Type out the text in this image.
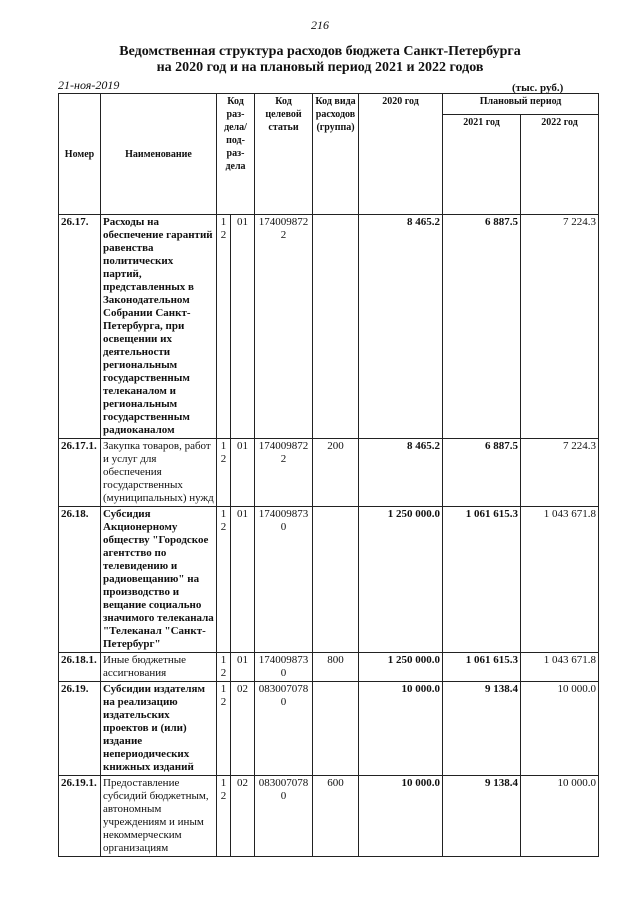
216
Ведомственная структура расходов бюджета Санкт-Петербурга
на 2020 год и на плановый период 2021 и 2022 годов
21-ноя-2019	(тыс. руб.)
Номер	Наименование	Код раз- дела/ под- раз- дела		Код целевой статьи	Код вида расходов (группа)	2020 год	Плановый период	
							2021 год	2022 год
26.17.	Расходы на обеспечение гарантий равенства политических партий, представленных в Законодательном Собрании Санкт-Петербурга, при освещении их деятельности региональным государственным телеканалом и региональным государственным радиоканалом	12	01	1740098722		8 465.2	6 887.5	7 224.3
26.17.1.	Закупка товаров, работ и услуг для обеспечения государственных (муниципальных) нужд	12	01	1740098722	200	8 465.2	6 887.5	7 224.3
26.18.	Субсидия Акционерному обществу "Городское агентство по телевидению и радиовещанию" на производство и вещание социально значимого телеканала "Телеканал "Санкт-Петербург"	12	01	1740098730		1 250 000.0	1 061 615.3	1 043 671.8
26.18.1.	Иные бюджетные ассигнования	12	01	1740098730	800	1 250 000.0	1 061 615.3	1 043 671.8
26.19.	Субсидии издателям на реализацию издательских проектов и (или) издание непериодических книжных изданий	12	02	0830070780		10 000.0	9 138.4	10 000.0
26.19.1.	Предоставление субсидий бюджетным, автономным учреждениям и иным некоммерческим организациям	12	02	0830070780	600	10 000.0	9 138.4	10 000.0
